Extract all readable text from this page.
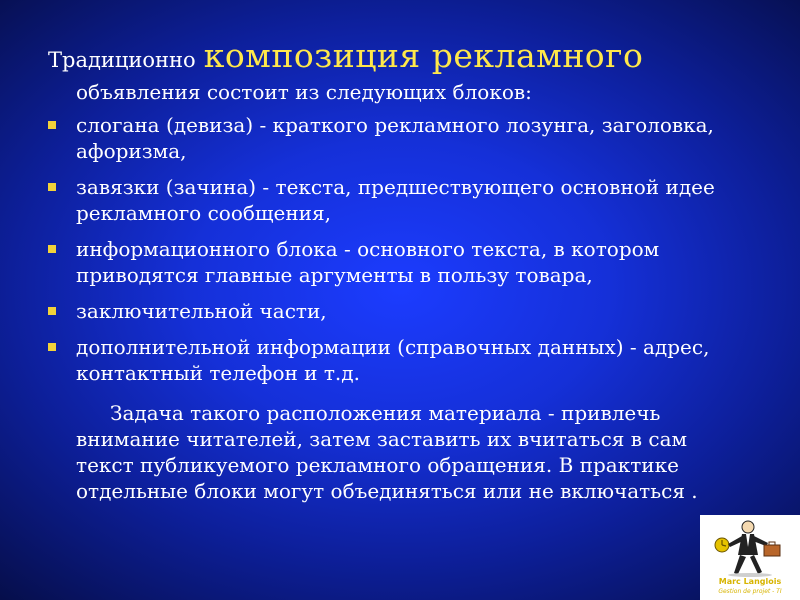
Традиционно композиция рекламного
объявления состоит из следующих блоков:
слогана (девиза) - краткого рекламного лозунга, заголовка, афоризма,
завязки (зачина) - текста, предшествующего основной идее рекламного сообщения,
информационного блока - основного текста, в котором приводятся главные аргументы в пользу товара,
заключительной части,
дополнительной информации (справочных данных) - адрес, контактный телефон и т.д.

Задача такого расположения материала - привлечь внимание читателей, затем заставить их вчитаться в сам текст публикуемого рекламного обращения. В практике отдельные блоки могут объединяться или не включаться .

Marc Langlois
Gestion de projet - TI
